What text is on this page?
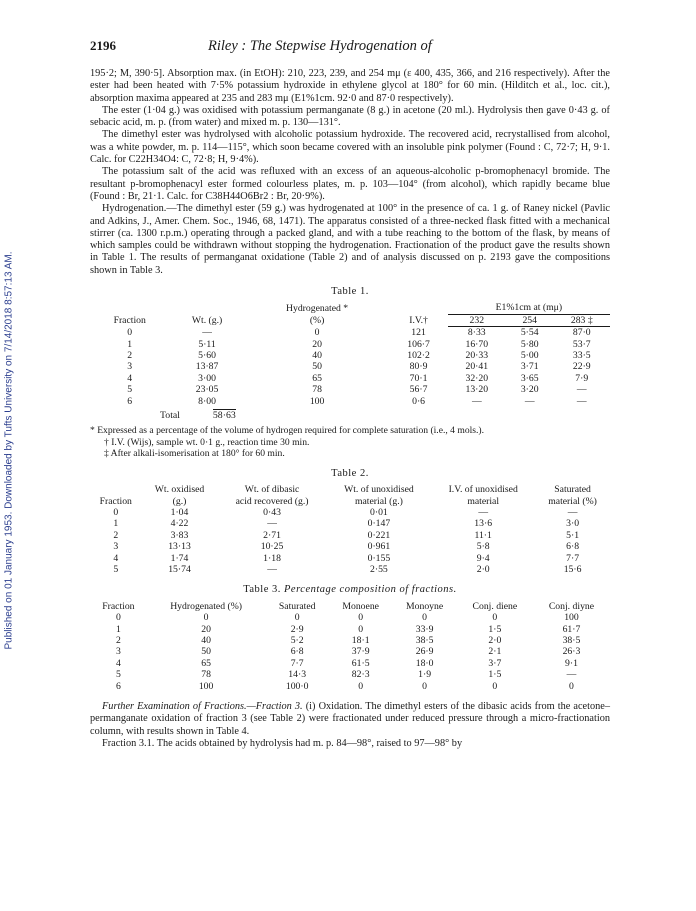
Published on 01 January 1953. Downloaded by Tufts University on 7/14/2018 8:57:13 AM.
2196	Riley : The Stepwise Hydrogenation of

195·2; M, 390·5]. Absorption max. (in EtOH): 210, 223, 239, and 254 mμ (ε 400, 435, 366, and 216 respectively). After the ester had been heated with 7·5% potassium hydroxide in ethylene glycol at 180° for 60 min. (Hilditch et al., loc. cit.), absorption maxima appeared at 235 and 283 mμ (E1%1cm. 92·0 and 87·0 respectively).

The ester (1·04 g.) was oxidised with potassium permanganate (8 g.) in acetone (20 ml.). Hydrolysis then gave 0·43 g. of sebacic acid, m. p. (from water) and mixed m. p. 130—131°.

The dimethyl ester was hydrolysed with alcoholic potassium hydroxide. The recovered acid, recrystallised from alcohol, was a white powder, m. p. 114—115°, which soon became covered with an insoluble pink polymer (Found : C, 72·7; H, 9·1. Calc. for C22H34O4: C, 72·8; H, 9·4%).

The potassium salt of the acid was refluxed with an excess of an aqueous-alcoholic p-bromophenacyl bromide. The resultant p-bromophenacyl ester formed colourless plates, m. p. 103—104° (from alcohol), which rapidly became blue (Found : Br, 21·1. Calc. for C38H44O6Br2 : Br, 20·9%).

Hydrogenation.—The dimethyl ester (59 g.) was hydrogenated at 100° in the presence of ca. 1 g. of Raney nickel (Pavlic and Adkins, J., Amer. Chem. Soc., 1946, 68, 1471). The apparatus consisted of a three-necked flask fitted with a mechanical stirrer (ca. 1300 r.p.m.) operating through a packed gland, and with a tube reaching to the bottom of the flask, by means of which samples could be withdrawn without stopping the hydrogenation. Fractionation of the product gave the results shown in Table 1. The results of permanganat oxidatione (Table 2) and of analysis discussed on p. 2193 gave the compositions shown in Table 3.

Table 1.
Fraction	Wt. (g.)	Hydrogenated *	I.V.†	E1%1cm at (mμ)		
		(%)		232	254	283 ‡
0	—	0	121	8·33	5·54	87·0
1	5·11	20	106·7	16·70	5·80	53·7
2	5·60	40	102·2	20·33	5·00	33·5
3	13·87	50	80·9	20·41	3·71	22·9
4	3·00	65	70·1	32·20	3·65	7·9
5	23·05	78	56·7	13·20	3·20	—
6	8·00	100	0·6	—	—	—
Total	58·63
* Expressed as a percentage of the volume of hydrogen required for complete saturation (i.e., 4 mols.).
† I.V. (Wijs), sample wt. 0·1 g., reaction time 30 min.
‡ After alkali-isomerisation at 180° for 60 min.
Table 2.
Fraction	Wt. oxidised	Wt. of dibasic	Wt. of unoxidised	I.V. of unoxidised	Saturated
	(g.)	acid recovered (g.)	material (g.)	material	material (%)
0	1·04	0·43	0·01	—	—
1	4·22	—	0·147	13·6	3·0
2	3·83	2·71	0·221	11·1	5·1
3	13·13	10·25	0·961	5·8	6·8
4	1·74	1·18	0·155	9·4	7·7
5	15·74	—	2·55	2·0	15·6
Table 3. Percentage composition of fractions.
Fraction	Hydrogenated (%)	Saturated	Monoene	Monoyne	Conj. diene	Conj. diyne
0	0	0	0	0	0	100
1	20	2·9	0	33·9	1·5	61·7
2	40	5·2	18·1	38·5	2·0	38·5
3	50	6·8	37·9	26·9	2·1	26·3
4	65	7·7	61·5	18·0	3·7	9·1
5	78	14·3	82·3	1·9	1·5	—
6	100	100·0	0	0	0	0

Further Examination of Fractions.—Fraction 3. (i) Oxidation. The dimethyl esters of the dibasic acids from the acetone–permanganate oxidation of fraction 3 (see Table 2) were fractionated under reduced pressure through a micro-fractionation column, with results shown in Table 4.

Fraction 3.1. The acids obtained by hydrolysis had m. p. 84—98°, raised to 97—98° by
